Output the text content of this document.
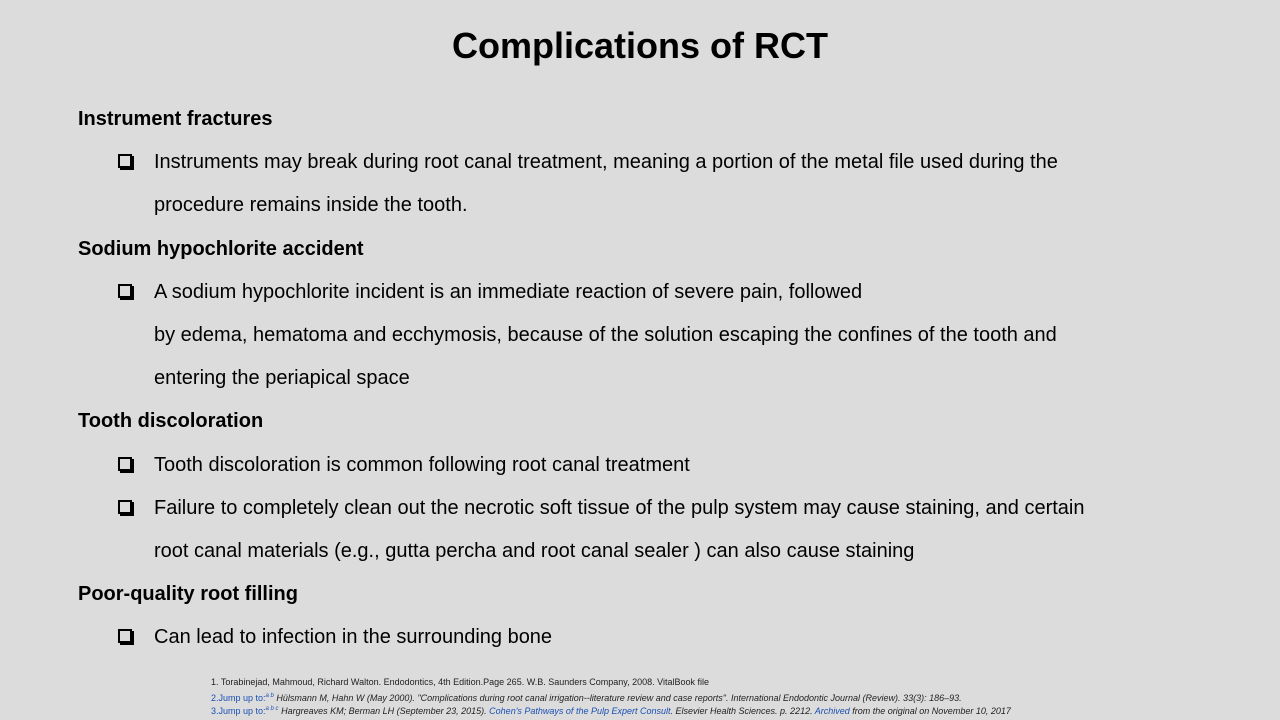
Complications of RCT
Instrument fractures
Instruments may break during root canal treatment, meaning a portion of the metal file used during the
procedure remains inside the tooth.
Sodium hypochlorite accident
A sodium hypochlorite incident is an immediate reaction of severe pain, followed
by edema, hematoma and ecchymosis, because of the solution escaping the confines of the tooth and
entering the periapical space
Tooth discoloration
Tooth discoloration is common following root canal treatment
Failure to completely clean out the necrotic soft tissue of the pulp system may cause staining, and certain
root canal materials (e.g., gutta percha and root canal sealer ) can also cause staining
Poor-quality root filling
Can lead to infection in the surrounding bone
1. Torabinejad, Mahmoud, Richard Walton. Endodontics, 4th Edition.Page 265. W.B. Saunders Company, 2008. VitalBook file
2.Jump up to:$^{a b}$ Hülsmann M, Hahn W (May 2000). "Complications during root canal irrigation--literature review and case reports". International Endodontic Journal (Review). 33(3): 186–93.
3.Jump up to:$^{a b c}$ Hargreaves KM; Berman LH (September 23, 2015). Cohen's Pathways of the Pulp Expert Consult. Elsevier Health Sciences. p. 2212. Archived from the original on November 10, 2017
